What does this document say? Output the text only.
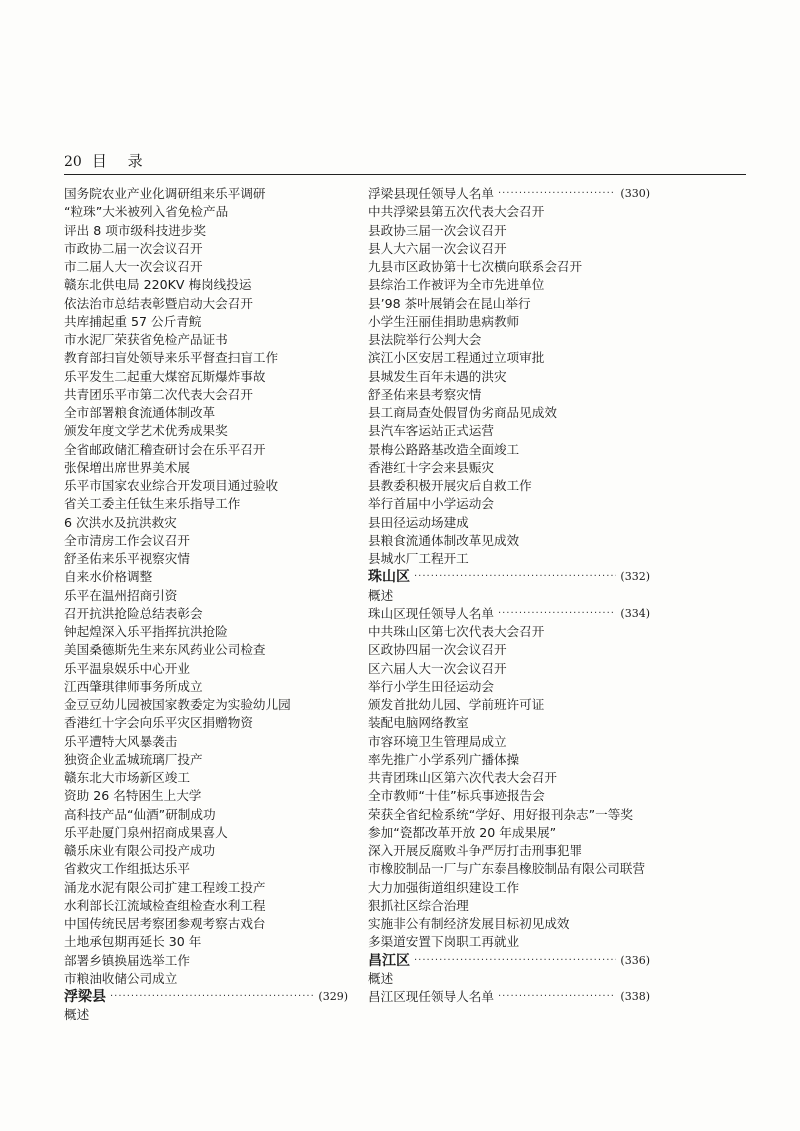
20 目 录
国务院农业产业化调研组来乐平调研
“粒珠”大米被列入省免检产品
评出 8 项市级科技进步奖
市政协二届一次会议召开
市二届人大一次会议召开
赣东北供电局 220KV 梅岗线投运
依法治市总结表彰暨启动大会召开
共库捕起重 57 公斤青鲩
市水泥厂荣获省免检产品证书
教育部扫盲处领导来乐平督查扫盲工作
乐平发生二起重大煤窑瓦斯爆炸事故
共青团乐平市第二次代表大会召开
全市部署粮食流通体制改革
颁发年度文学艺术优秀成果奖
全省邮政储汇稽查研讨会在乐平召开
张保増出席世界美术展
乐平市国家农业综合开发项目通过验收
省关工委主任钛生来乐指导工作
6 次洪水及抗洪救灾
全市清房工作会议召开
舒圣佑来乐平视察灾情
自来水价格调整
乐平在温州招商引资
召开抗洪抢险总结表彰会
钟起煌深入乐平指挥抗洪抢险
美国桑德斯先生来东风药业公司检查
乐平温泉娱乐中心开业
江西肇琪律师事务所成立
金豆豆幼儿园被国家教委定为实验幼儿园
香港红十字会向乐平灾区捐赠物资
乐平遭特大风暴袭击
独资企业孟城琉璃厂投产
赣东北大市场新区竣工
资助 26 名特困生上大学
高科技产品“仙酒”研制成功
乐平赴厦门泉州招商成果喜人
赣乐床业有限公司投产成功
省救灾工作组抵达乐平
涌龙水泥有限公司扩建工程竣工投产
水利部长江流域检查组检查水利工程
中国传统民居考察团参观考察古戏台
土地承包期再延长 30 年
部署乡镇换届选举工作
市粮油收储公司成立
浮梁县 ·····	(329)
概述
浮梁县现任领导人名单 ·····	(330)
中共浮梁县第五次代表大会召开
县政协三届一次会议召开
县人大六届一次会议召开
九县市区政协第十七次横向联系会召开
县综治工作被评为全市先进单位
县’98 茶叶展销会在昆山举行
小学生汪丽佳捐助患病教师
县法院举行公判大会
滨江小区安居工程通过立项审批
县城发生百年未遇的洪灾
舒圣佑来县考察灾情
县工商局查处假冒伪劣商品见成效
县汽车客运站正式运营
景梅公路路基改造全面竣工
香港红十字会来县赈灾
县教委积极开展灾后自救工作
举行首届中小学运动会
县田径运动场建成
县粮食流通体制改革见成效
县城水厂工程开工
珠山区 ·····	(332)
概述
珠山区现任领导人名单 ·····	(334)
中共珠山区第七次代表大会召开
区政协四届一次会议召开
区六届人大一次会议召开
举行小学生田径运动会
颁发首批幼儿园、学前班许可证
装配电脑网络教室
市容环境卫生管理局成立
率先推广小学系列广播体操
共青团珠山区第六次代表大会召开
全市教师“十佳”标兵事迹报告会
荣获全省纪检系统“学好、用好报刊杂志”一等奖
参加“瓷都改革开放 20 年成果展”
深入开展反腐败斗争严厉打击刑事犯罪
市橡胶制品一厂与广东泰昌橡胶制品有限公司联营
大力加强街道组织建设工作
狠抓社区综合治理
实施非公有制经济发展目标初见成效
多渠道安置下岗职工再就业
昌江区 ·····	(336)
概述
昌江区现任领导人名单 ·····	(338)
